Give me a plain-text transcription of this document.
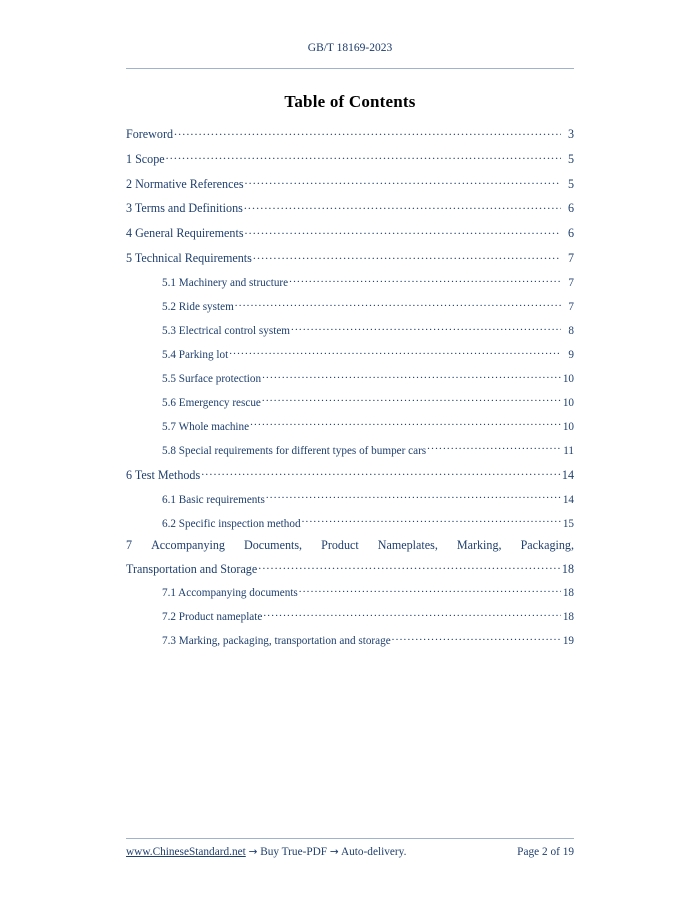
GB/T 18169-2023
Table of Contents
Foreword .....	3
1 Scope .....	5
2 Normative References .....	5
3 Terms and Definitions .....	6
4 General Requirements .....	6
5 Technical Requirements .....	7
5.1 Machinery and structure .....	7
5.2 Ride system .....	7
5.3 Electrical control system .....	8
5.4 Parking lot .....	9
5.5 Surface protection .....	10
5.6 Emergency rescue .....	10
5.7 Whole machine .....	10
5.8 Special requirements for different types of bumper cars .....	11
6 Test Methods .....	14
6.1 Basic requirements .....	14
6.2 Specific inspection method .....	15
7 Accompanying Documents, Product Nameplates, Marking, Packaging,
Transportation and Storage .....	18
7.1 Accompanying documents .....	18
7.2 Product nameplate .....	18
7.3 Marking, packaging, transportation and storage .....	19
www.ChineseStandard.net → Buy True-PDF → Auto-delivery.	Page 2 of 19
